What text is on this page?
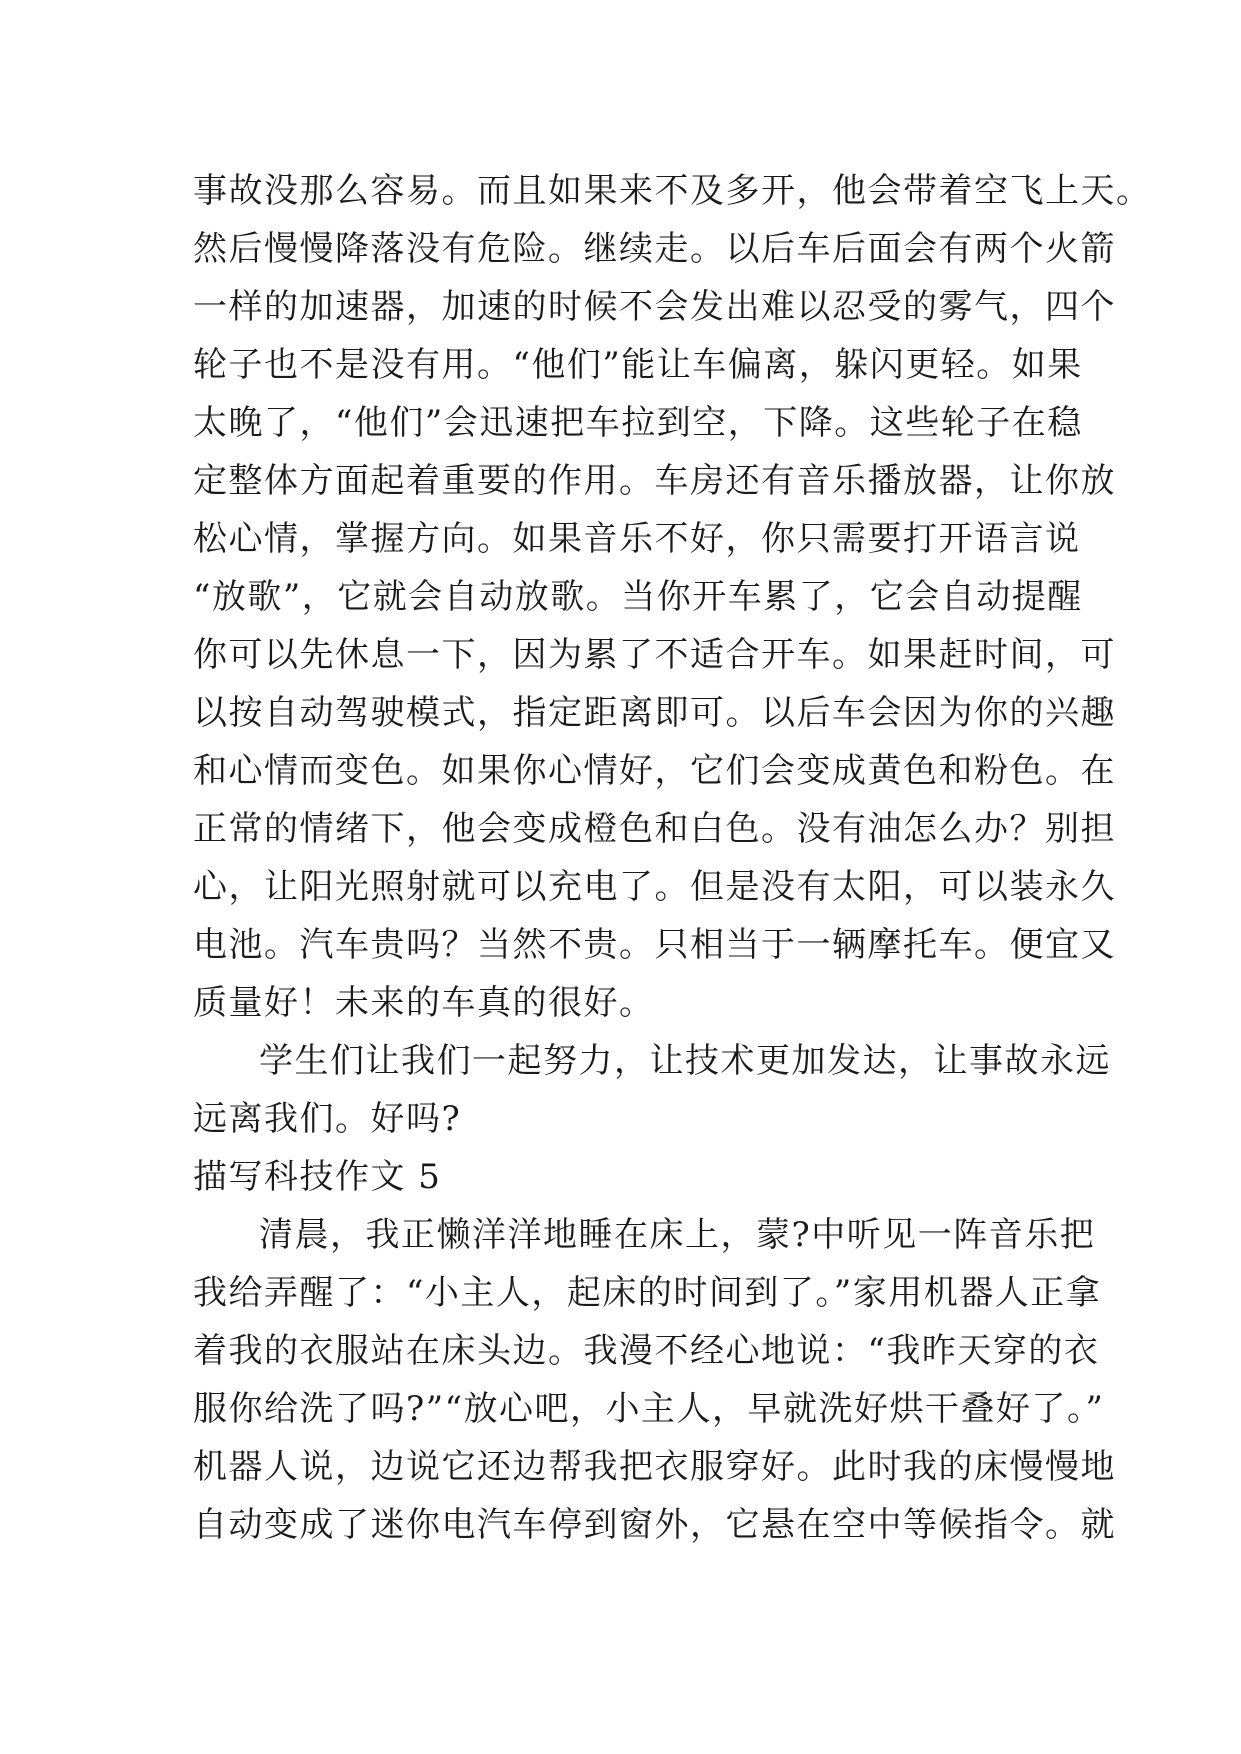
事故没那么容易。而且如果来不及多开，他会带着空飞上天。
然后慢慢降落没有危险。继续走。以后车后面会有两个火箭
一样的加速器，加速的时候不会发出难以忍受的雾气，四个
轮子也不是没有用。“他们”能让车偏离，躲闪更轻。如果
太晚了，“他们”会迅速把车拉到空，下降。这些轮子在稳
定整体方面起着重要的作用。车房还有音乐播放器，让你放
松心情，掌握方向。如果音乐不好，你只需要打开语言说
“放歌”，它就会自动放歌。当你开车累了，它会自动提醒
你可以先休息一下，因为累了不适合开车。如果赶时间，可
以按自动驾驶模式，指定距离即可。以后车会因为你的兴趣
和心情而变色。如果你心情好，它们会变成黄色和粉色。在
正常的情绪下，他会变成橙色和白色。没有油怎么办？别担
心，让阳光照射就可以充电了。但是没有太阳，可以装永久
电池。汽车贵吗？当然不贵。只相当于一辆摩托车。便宜又
质量好！未来的车真的很好。
学生们让我们一起努力，让技术更加发达，让事故永远
远离我们。好吗?
描写科技作文 5
清晨，我正懒洋洋地睡在床上，蒙?中听见一阵音乐把
我给弄醒了：“小主人，起床的时间到了。”家用机器人正拿
着我的衣服站在床头边。我漫不经心地说：“我昨天穿的衣
服你给洗了吗?”“放心吧，小主人，早就洗好烘干叠好了。”
机器人说，边说它还边帮我把衣服穿好。此时我的床慢慢地
自动变成了迷你电汽车停到窗外，它悬在空中等候指令。就
